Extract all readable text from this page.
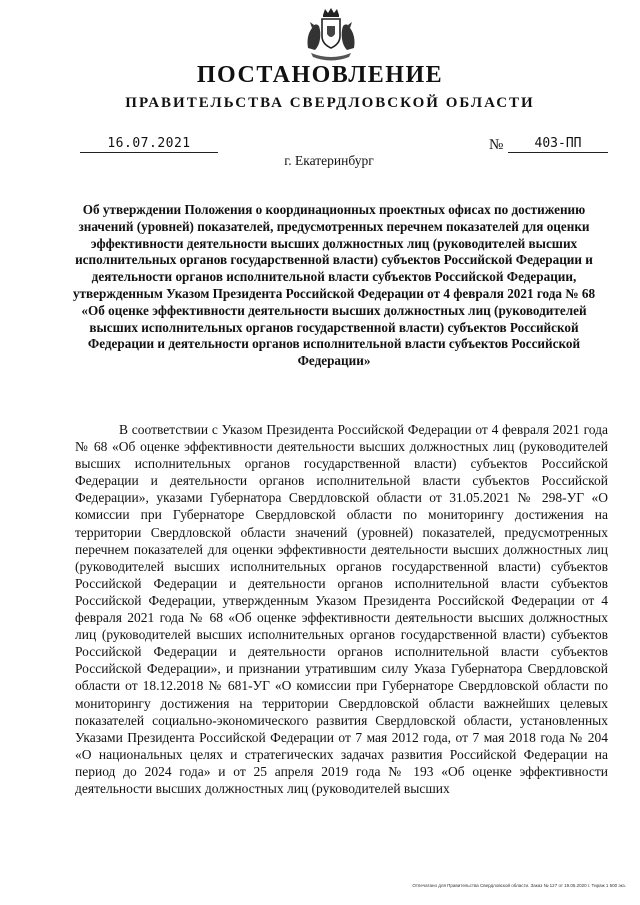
ПОСТАНОВЛЕНИЕ
ПРАВИТЕЛЬСТВА СВЕРДЛОВСКОЙ ОБЛАСТИ
16.07.2021	№	403-ПП
г. Екатеринбург

Об утверждении Положения о координационных проектных офисах по достижению значений (уровней) показателей, предусмотренных перечнем показателей для оценки эффективности деятельности высших должностных лиц (руководителей высших исполнительных органов государственной власти) субъектов Российской Федерации и деятельности органов исполнительной власти субъектов Российской Федерации, утвержденным Указом Президента Российской Федерации от 4 февраля 2021 года № 68 «Об оценке эффективности деятельности высших должностных лиц (руководителей высших исполнительных органов государственной власти) субъектов Российской Федерации и деятельности органов исполнительной власти субъектов Российской Федерации»

В соответствии с Указом Президента Российской Федерации от 4 февраля 2021 года № 68 «Об оценке эффективности деятельности высших должностных лиц (руководителей высших исполнительных органов государственной власти) субъектов Российской Федерации и деятельности органов исполнительной власти субъектов Российской Федерации», указами Губернатора Свердловской области от 31.05.2021 № 298-УГ «О комиссии при Губернаторе Свердловской области по мониторингу достижения на территории Свердловской области значений (уровней) показателей, предусмотренных перечнем показателей для оценки эффективности деятельности высших должностных лиц (руководителей высших исполнительных органов государственной власти) субъектов Российской Федерации и деятельности органов исполнительной власти субъектов Российской Федерации, утвержденным Указом Президента Российской Федерации от 4 февраля 2021 года № 68 «Об оценке эффективности деятельности высших должностных лиц (руководителей высших исполнительных органов государственной власти) субъектов Российской Федерации и деятельности органов исполнительной власти субъектов Российской Федерации», и признании утратившим силу Указа Губернатора Свердловской области от 18.12.2018 № 681-УГ «О комиссии при Губернаторе Свердловской области по мониторингу достижения на территории Свердловской области важнейших целевых показателей социально-экономического развития Свердловской области, установленных Указами Президента Российской Федерации от 7 мая 2012 года, от 7 мая 2018 года № 204 «О национальных целях и стратегических задачах развития Российской Федерации на период до 2024 года» и от 25 апреля 2019 года № 193 «Об оценке эффективности деятельности высших должностных лиц (руководителей высших

Отпечатано для Правительства Свердловской области. Заказ № 127 от 19.05.2020 г. Тираж 1 500 экз.
